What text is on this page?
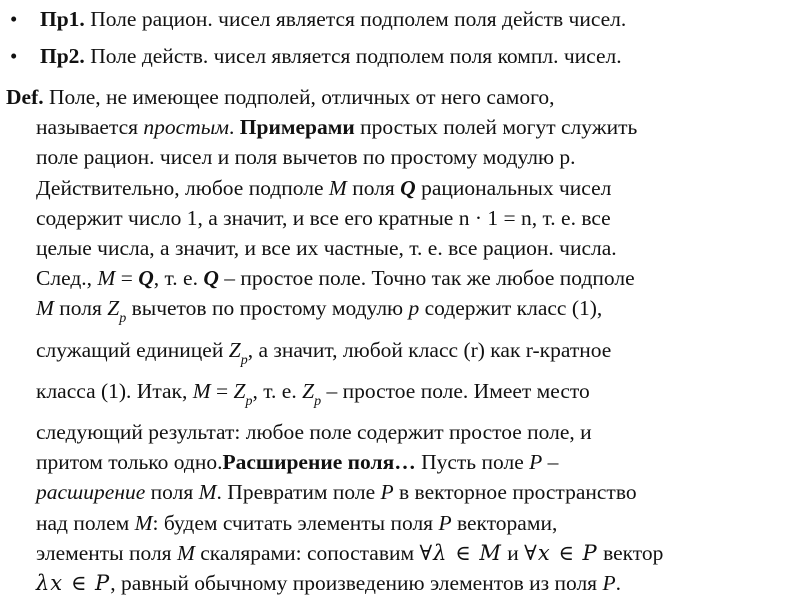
• Пр1. Поле рацион. чисел является подполем поля действ чисел.
• Пр2. Поле действ. чисел является подполем поля компл. чисел.
Def. Поле, не имеющее подполей, отличных от него самого,
называется простым. Примерами простых полей могут служить
поле рацион. чисел и поля вычетов по простому модулю p.
Действительно, любое подполе M поля Q рациональных чисел
содержит число 1, а значит, и все его кратные n · 1 = n, т. е. все
целые числа, а значит, и все их частные, т. е. все рацион. числа.
След., M = Q, т. е. Q – простое поле. Точно так же любое подполе
M поля $Z_p$ вычетов по простому модулю p содержит класс (1),
служащий единицей $Z_p$, а значит, любой класс (r) как r-кратное
класса (1). Итак, $M = Z_p$, т. е. $Z_p$ – простое поле. Имеет место
следующий результат: любое поле содержит простое поле, и
притом только одно.Расширение поля… Пусть поле P –
расширение поля M. Превратим поле P в векторное пространство
над полем M: будем считать элементы поля P векторами,
элементы поля M скалярами: сопоставим ∀λ ∈ M и ∀x ∈ P вектор
λx ∈ P, равный обычному произведению элементов из поля P.
